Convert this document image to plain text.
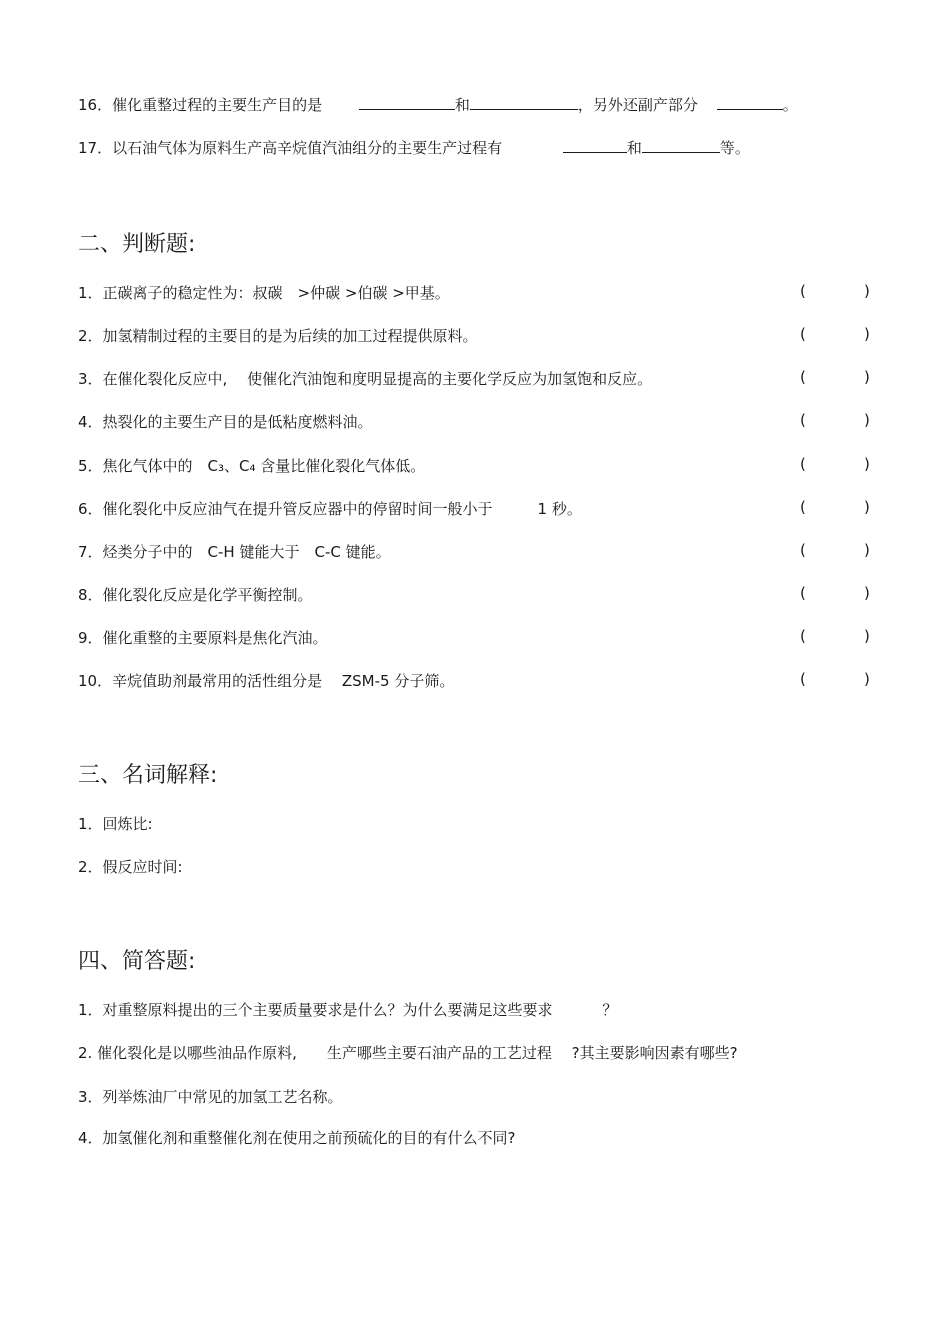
16．催化重整过程的主要生产目的是	和	，另外还副产部分	。
17．以石油气体为原料生产高辛烷值汽油组分的主要生产过程有	和	等。
二、判断题:
1．正碳离子的稳定性为：叔碳　>仲碳 >伯碳 >甲基。
2．加氢精制过程的主要目的是为后续的加工过程提供原料。
3．在催化裂化反应中,　 使催化汽油饱和度明显提高的主要化学反应为加氢饱和反应。
4．热裂化的主要生产目的是低粘度燃料油。
5．焦化气体中的　C₃、C₄ 含量比催化裂化气体低。
6．催化裂化中反应油气在提升管反应器中的停留时间一般小于　　　1 秒。
7．烃类分子中的　C-H 键能大于　C-C 键能。
8．催化裂化反应是化学平衡控制。
9．催化重整的主要原料是焦化汽油。
10．辛烷值助剂最常用的活性组分是　 ZSM-5 分子筛。
(	)
(	)
(	)
(	)
(	)
(	)
(	)
(	)
(	)
(	)
三、名词解释:
1．回炼比:
2．假反应时间:
四、简答题:
1．对重整原料提出的三个主要质量要求是什么？为什么要满足这些要求　　　 ？
2. 催化裂化是以哪些油品作原料,　　生产哪些主要石油产品的工艺过程　 ?其主要影响因素有哪些?
3．列举炼油厂中常见的加氢工艺名称。
4．加氢催化剂和重整催化剂在使用之前预硫化的目的有什么不同?
